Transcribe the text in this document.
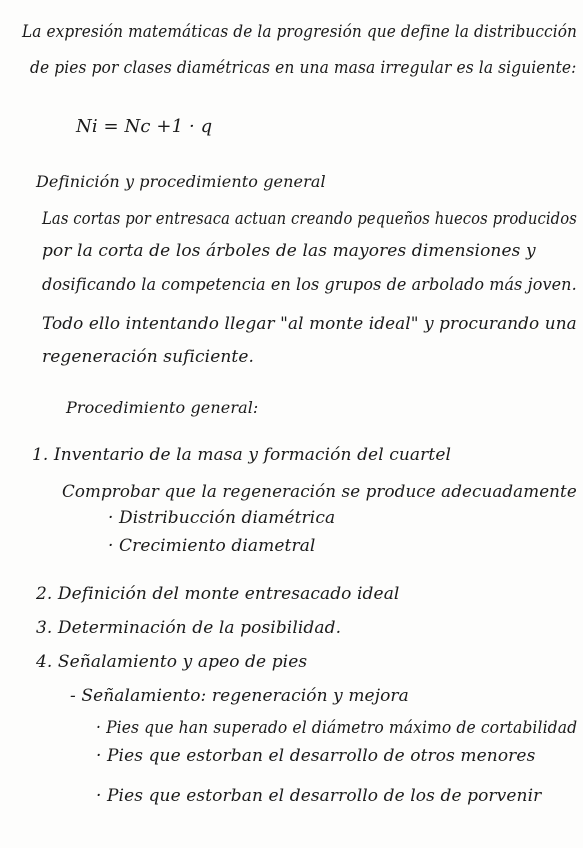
La expresión matemáticas de la progresión que define la distribucción
de pies por clases diamétricas en una masa irregular es la siguiente:
Ni = Nc +1 · q
Definición y procedimiento general
Las cortas por entresaca actuan creando pequeños huecos producidos
por la corta de los árboles de las mayores dimensiones y
dosificando la competencia en los grupos de arbolado más joven.
Todo ello intentando llegar "al monte ideal" y procurando una
regeneración suficiente.
Procedimiento general:
1. Inventario de la masa y formación del cuartel
Comprobar que la regeneración se produce adecuadamente
· Distribucción diamétrica
· Crecimiento diametral
2. Definición del monte entresacado ideal
3. Determinación de la posibilidad.
4. Señalamiento y apeo de pies
- Señalamiento: regeneración y mejora
· Pies que han superado el diámetro máximo de cortabilidad
· Pies que estorban el desarrollo de otros menores
· Pies que estorban el desarrollo de los de porvenir
